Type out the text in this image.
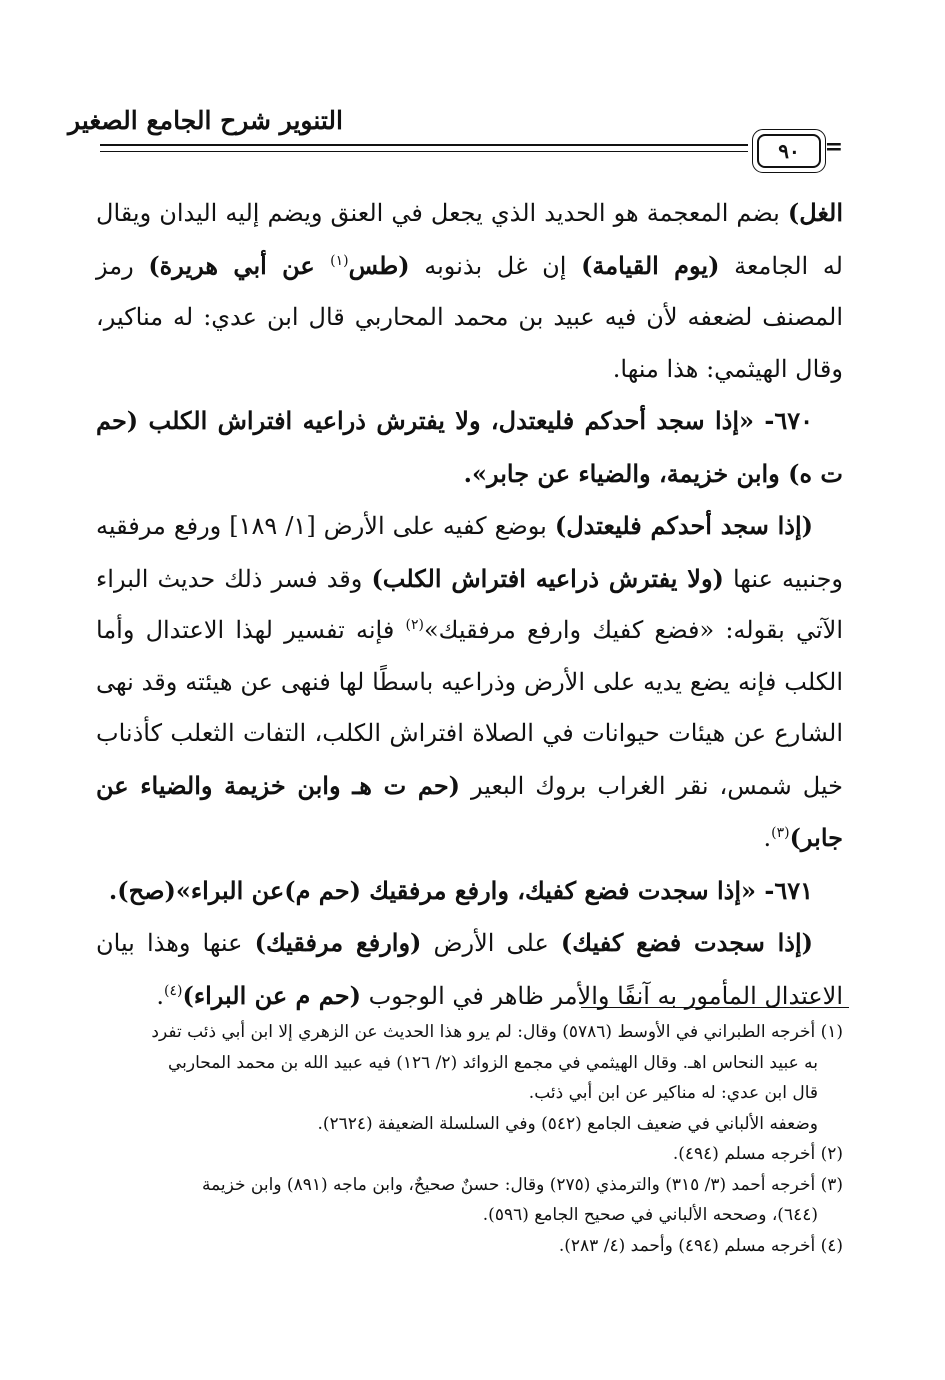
التنوير شرح الجامع الصغير
٩٠	=

الغل) بضم المعجمة هو الحديد الذي يجعل في العنق ويضم إليه اليدان ويقال له الجامعة (يوم القيامة) إن غل بذنوبه (طس$^{(١)}$ عن أبي هريرة) رمز المصنف لضعفه لأن فيه عبيد بن محمد المحاربي قال ابن عدي: له مناكير، وقال الهيثمي: هذا منها.

٦٧٠- «إذا سجد أحدكم فليعتدل، ولا يفترش ذراعيه افتراش الكلب (حم ت ه) وابن خزيمة، والضياء عن جابر».

(إذا سجد أحدكم فليعتدل) بوضع كفيه على الأرض [١/ ١٨٩] ورفع مرفقيه وجنبيه عنها (ولا يفترش ذراعيه افتراش الكلب) وقد فسر ذلك حديث البراء الآتي بقوله: «فضع كفيك وارفع مرفقيك»$^{(٢)}$ فإنه تفسير لهذا الاعتدال وأما الكلب فإنه يضع يديه على الأرض وذراعيه باسطًا لها فنهى عن هيئته وقد نهى الشارع عن هيئات حيوانات في الصلاة افتراش الكلب، التفات الثعلب كأذناب خيل شمس، نقر الغراب بروك البعير (حم ت هـ وابن خزيمة والضياء عن جابر)$^{(٣)}$.

٦٧١- «إذا سجدت فضع كفيك، وارفع مرفقيك (حم م)عن البراء»(صح).

(إذا سجدت فضع كفيك) على الأرض (وارفع مرفقيك) عنها وهذا بيان الاعتدال المأمور به آنفًا والأمر ظاهر في الوجوب (حم م عن البراء)$^{(٤)}$.

(١) أخرجه الطبراني في الأوسط (٥٧٨٦) وقال: لم يرو هذا الحديث عن الزهري إلا ابن أبي ذئب تفرد

به عبيد النحاس اهـ. وقال الهيثمي في مجمع الزوائد (٢/ ١٢٦) فيه عبيد الله بن محمد المحاربي

قال ابن عدي: له مناكير عن ابن أبي ذئب.

وضعفه الألباني في ضعيف الجامع (٥٤٢) وفي السلسلة الضعيفة (٢٦٢٤).

(٢) أخرجه مسلم (٤٩٤).

(٣) أخرجه أحمد (٣/ ٣١٥) والترمذي (٢٧٥) وقال: حسنٌ صحيحٌ، وابن ماجه (٨٩١) وابن خزيمة

(٦٤٤)، وصححه الألباني في صحيح الجامع (٥٩٦).

(٤) أخرجه مسلم (٤٩٤) وأحمد (٤/ ٢٨٣).
